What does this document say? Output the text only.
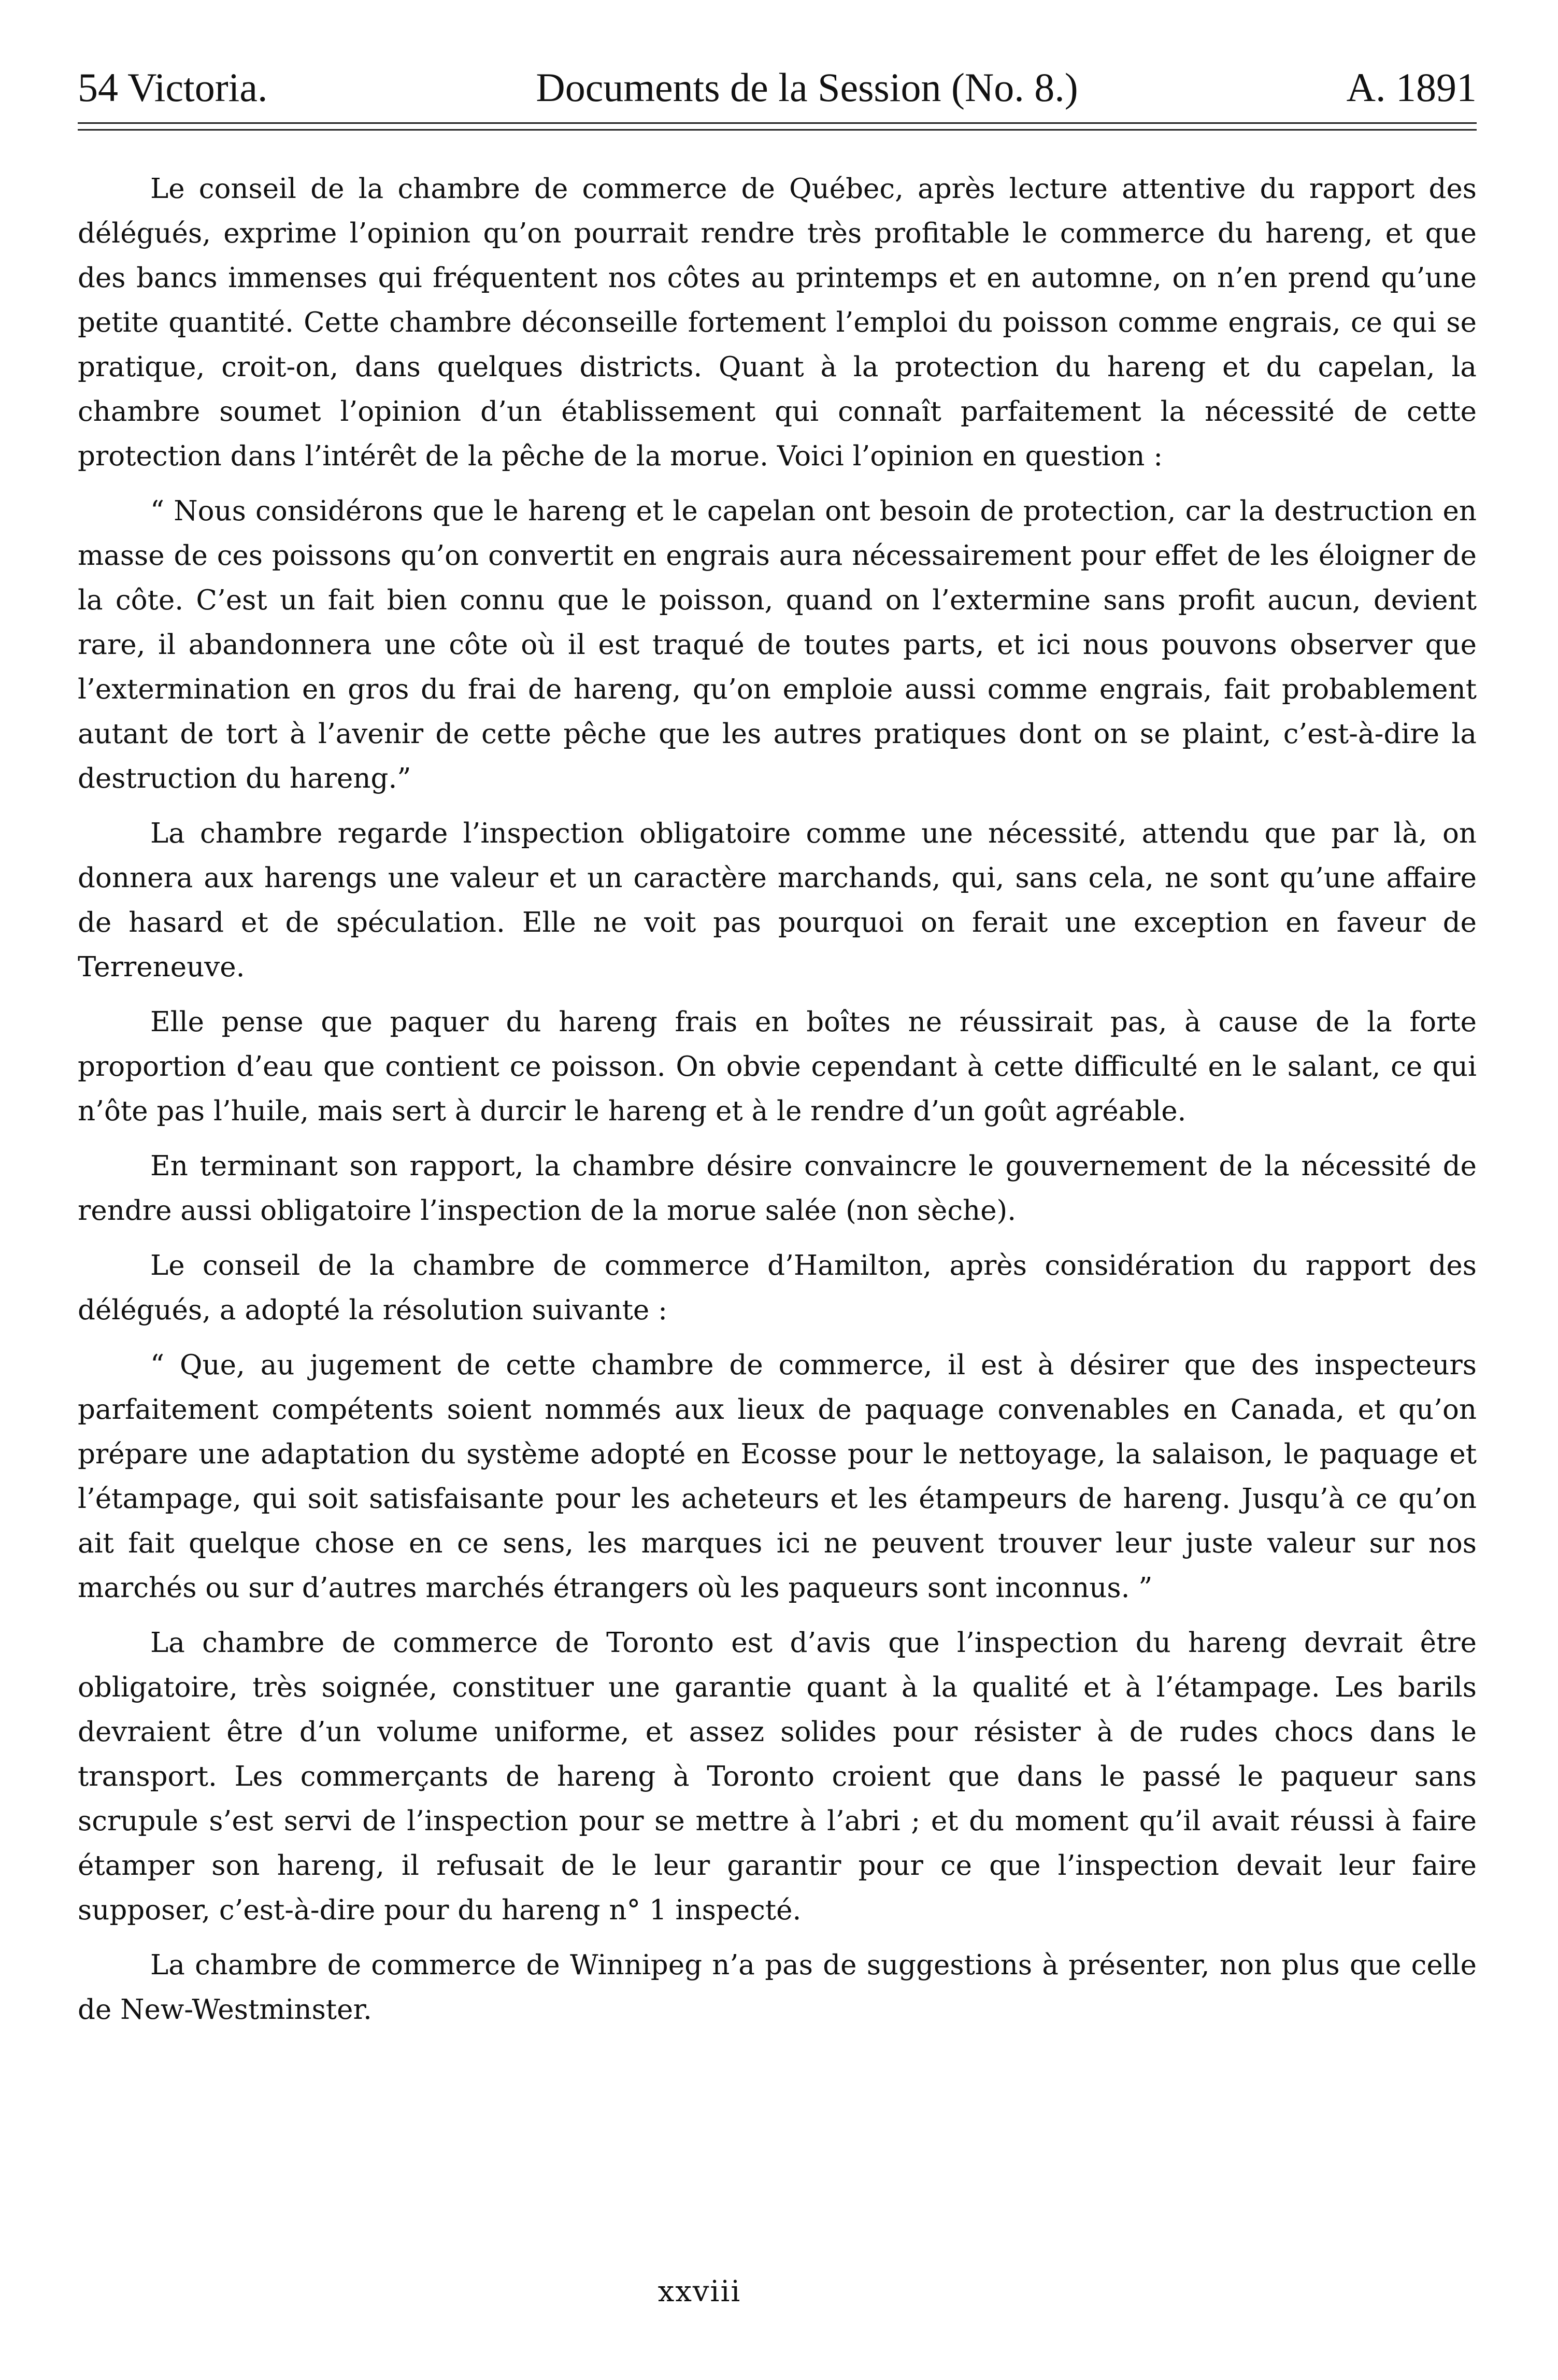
54 Victoria.	Documents de la Session (No. 8.)	A. 1891

Le conseil de la chambre de commerce de Québec, après lecture attentive du rapport des délégués, exprime l’opinion qu’on pourrait rendre très profitable le commerce du hareng, et que des bancs immenses qui fréquentent nos côtes au printemps et en automne, on n’en prend qu’une petite quantité. Cette chambre déconseille fortement l’emploi du poisson comme engrais, ce qui se pratique, croit-on, dans quelques districts. Quant à la protection du hareng et du capelan, la chambre soumet l’opinion d’un établissement qui connaît parfaitement la nécessité de cette protection dans l’intérêt de la pêche de la morue. Voici l’opinion en question :

“ Nous considérons que le hareng et le capelan ont besoin de protection, car la destruction en masse de ces poissons qu’on convertit en engrais aura nécessairement pour effet de les éloigner de la côte. C’est un fait bien connu que le poisson, quand on l’extermine sans profit aucun, devient rare, il abandonnera une côte où il est traqué de toutes parts, et ici nous pouvons observer que l’extermination en gros du frai de hareng, qu’on emploie aussi comme engrais, fait probablement autant de tort à l’avenir de cette pêche que les autres pratiques dont on se plaint, c’est-à-dire la destruction du hareng.”

La chambre regarde l’inspection obligatoire comme une nécessité, attendu que par là, on donnera aux harengs une valeur et un caractère marchands, qui, sans cela, ne sont qu’une affaire de hasard et de spéculation. Elle ne voit pas pourquoi on ferait une exception en faveur de Terreneuve.

Elle pense que paquer du hareng frais en boîtes ne réussirait pas, à cause de la forte proportion d’eau que contient ce poisson. On obvie cependant à cette difficulté en le salant, ce qui n’ôte pas l’huile, mais sert à durcir le hareng et à le rendre d’un goût agréable.

En terminant son rapport, la chambre désire convaincre le gouvernement de la nécessité de rendre aussi obligatoire l’inspection de la morue salée (non sèche).

Le conseil de la chambre de commerce d’Hamilton, après considération du rapport des délégués, a adopté la résolution suivante :

“ Que, au jugement de cette chambre de commerce, il est à désirer que des inspecteurs parfaitement compétents soient nommés aux lieux de paquage convenables en Canada, et qu’on prépare une adaptation du système adopté en Ecosse pour le nettoyage, la salaison, le paquage et l’étampage, qui soit satisfaisante pour les acheteurs et les étampeurs de hareng. Jusqu’à ce qu’on ait fait quelque chose en ce sens, les marques ici ne peuvent trouver leur juste valeur sur nos marchés ou sur d’autres marchés étrangers où les paqueurs sont inconnus. ”

La chambre de commerce de Toronto est d’avis que l’inspection du hareng devrait être obligatoire, très soignée, constituer une garantie quant à la qualité et à l’étampage. Les barils devraient être d’un volume uniforme, et assez solides pour résister à de rudes chocs dans le transport. Les commerçants de hareng à Toronto croient que dans le passé le paqueur sans scrupule s’est servi de l’inspection pour se mettre à l’abri ; et du moment qu’il avait réussi à faire étamper son hareng, il refusait de le leur garantir pour ce que l’inspection devait leur faire supposer, c’est-à-dire pour du hareng n° 1 inspecté.

La chambre de commerce de Winnipeg n’a pas de suggestions à présenter, non plus que celle de New-Westminster.

xxviii
